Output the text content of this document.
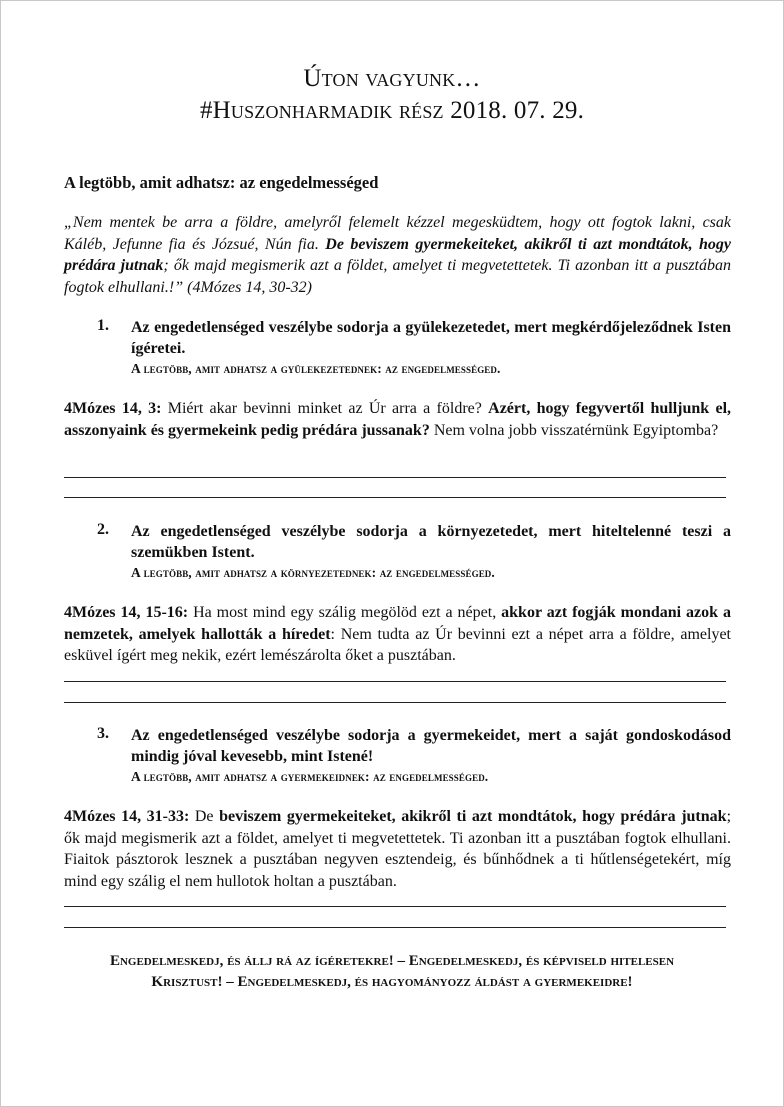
Úton vagyunk…
#Huszonharmadik rész 2018. 07. 29.
A legtöbb, amit adhatsz: az engedelmességed
„Nem mentek be arra a földre, amelyről felemelt kézzel megesküdtem, hogy ott fogtok lakni, csak Káléb, Jefunne fia és Józsué, Nún fia. De beviszem gyermekeiteket, akikről ti azt mondtátok, hogy prédára jutnak; ők majd megismerik azt a földet, amelyet ti megvetettetek. Ti azonban itt a pusztában fogtok elhullani.!” (4Mózes 14, 30-32)
1. Az engedetlenséged veszélybe sodorja a gyülekezetedet, mert megkérdőjeleződnek Isten ígéretei.
A legtöbb, amit adhatsz a gyülekezetednek: az engedelmességed.
4Mózes 14, 3: Miért akar bevinni minket az Úr arra a földre? Azért, hogy fegyvertől hulljunk el, asszonyaink és gyermekeink pedig prédára jussanak? Nem volna jobb visszatérnünk Egyiptomba?
2. Az engedetlenséged veszélybe sodorja a környezetedet, mert hiteltelenné teszi a szemükben Istent.
A legtöbb, amit adhatsz a környezetednek: az engedelmességed.
4Mózes 14, 15-16: Ha most mind egy szálig megölöd ezt a népet, akkor azt fogják mondani azok a nemzetek, amelyek hallották a híredet: Nem tudta az Úr bevinni ezt a népet arra a földre, amelyet esküvel ígért meg nekik, ezért lemészárolta őket a pusztában.
3. Az engedetlenséged veszélybe sodorja a gyermekeidet, mert a saját gondoskodásod mindig jóval kevesebb, mint Istené!
A legtöbb, amit adhatsz a gyermekeidnek: az engedelmességed.
4Mózes 14, 31-33: De beviszem gyermekeiteket, akikről ti azt mondtátok, hogy prédára jutnak; ők majd megismerik azt a földet, amelyet ti megvetettetek. Ti azonban itt a pusztában fogtok elhullani. Fiaitok pásztorok lesznek a pusztában negyven esztendeig, és bűnhődnek a ti hűtlenségetekért, míg mind egy szálig el nem hullotok holtan a pusztában.
Engedelmeskedj, és állj rá az ígéretekre! – Engedelmeskedj, és képviseld hitelesen
Krisztust! – Engedelmeskedj, és hagyományozz áldást a gyermekeidre!
